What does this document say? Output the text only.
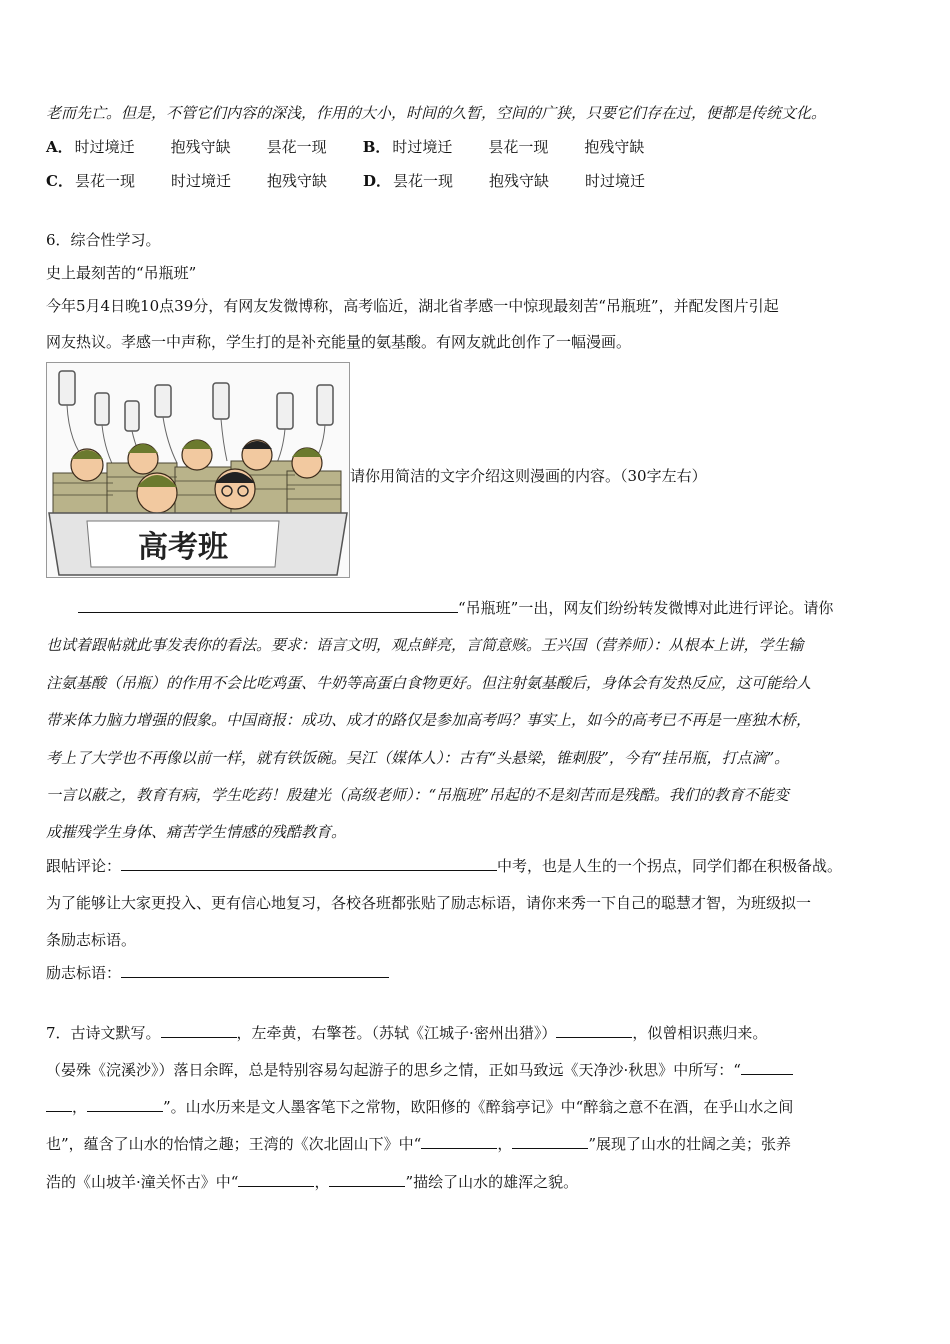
老而先亡。但是，不管它们内容的深浅，作用的大小，时间的久暂，空间的广狭，只要它们存在过，便都是传统文化。
A． 时过境迁 抱残守缺 昙花一现 B． 时过境迁 昙花一现 抱残守缺
C． 昙花一现 时过境迁 抱残守缺 D． 昙花一现 抱残守缺 时过境迁
6．综合性学习。
史上最刻苦的“吊瓶班”
今年5月4日晚10点39分，有网友发微博称，高考临近，湖北省孝感一中惊现最刻苦“吊瓶班”，并配发图片引起
网友热议。孝感一中声称，学生打的是补充能量的氨基酸。有网友就此创作了一幅漫画。
高考班
请你用简洁的文字介绍这则漫画的内容。（30字左右）
“吊瓶班”一出，网友们纷纷转发微博对此进行评论。请你
也试着跟帖就此事发表你的看法。要求：语言文明，观点鲜亮，言简意赅。王兴国（营养师）：从根本上讲，学生输
注氨基酸（吊瓶）的作用不会比吃鸡蛋、牛奶等高蛋白食物更好。但注射氨基酸后，身体会有发热反应，这可能给人
带来体力脑力增强的假象。中国商报：成功、成才的路仅是参加高考吗？事实上，如今的高考已不再是一座独木桥，
考上了大学也不再像以前一样，就有铁饭碗。吴江（媒体人）：古有“头悬梁，锥刺股”，今有“挂吊瓶，打点滴”。
一言以蔽之，教育有病，学生吃药！殷建光（高级老师）：“吊瓶班”吊起的不是刻苦而是残酷。我们的教育不能变
成摧残学生身体、痛苦学生情感的残酷教育。
跟帖评论：	中考，也是人生的一个拐点，同学们都在积极备战。
为了能够让大家更投入、更有信心地复习，各校各班都张贴了励志标语，请你来秀一下自己的聪慧才智，为班级拟一
条励志标语。
励志标语：
7．古诗文默写。	，左牵黄，右擎苍。（苏轼《江城子·密州出猎》）	，似曾相识燕归来。
（晏殊《浣溪沙》）落日余晖，总是特别容易勾起游子的思乡之情，正如马致远《天净沙·秋思》中所写：“
，	”。山水历来是文人墨客笔下之常物，欧阳修的《醉翁亭记》中“醉翁之意不在酒，在乎山水之间
也”，蕴含了山水的怡情之趣；王湾的《次北固山下》中“	，	”展现了山水的壮阔之美；张养
浩的《山坡羊·潼关怀古》中“	，	”描绘了山水的雄浑之貌。
